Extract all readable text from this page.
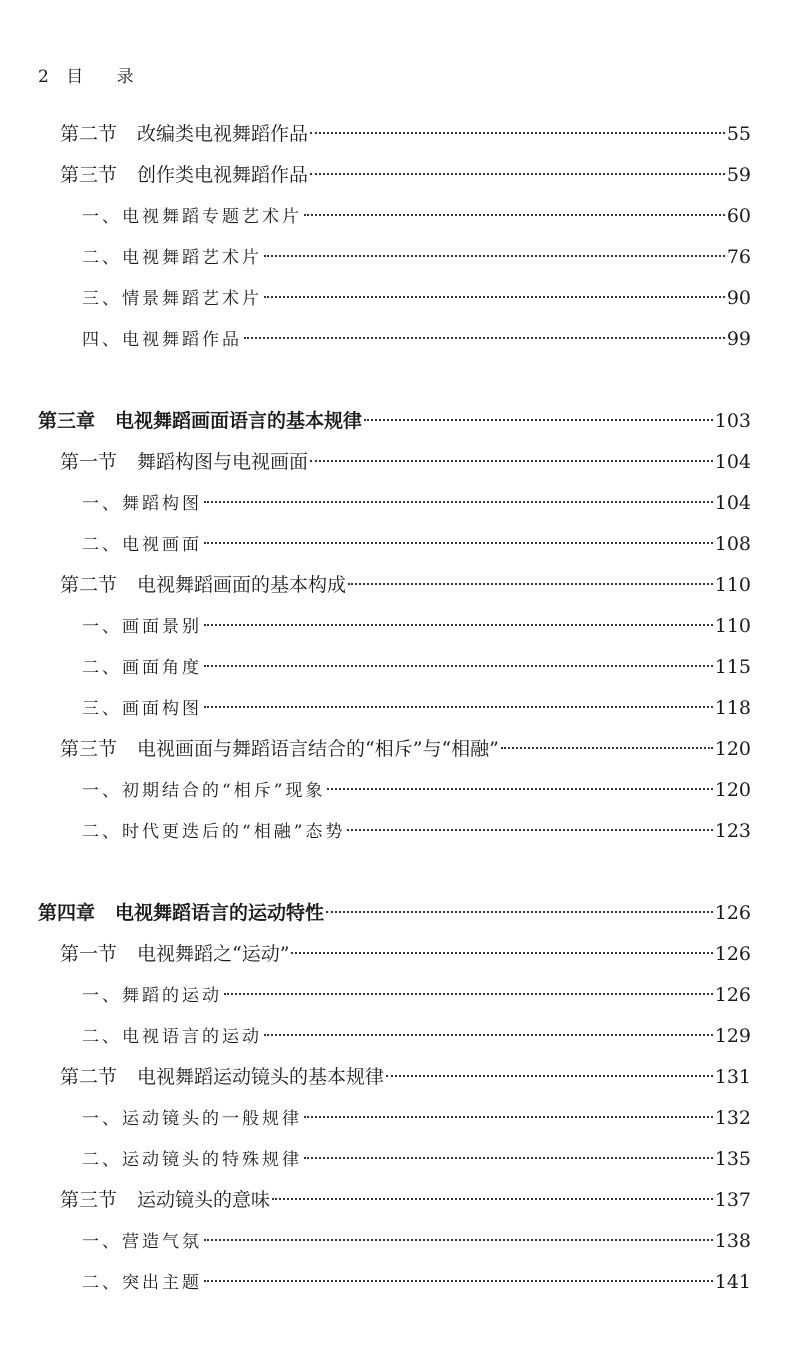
2 目 录
第二节 改编类电视舞蹈作品	55
第三节 创作类电视舞蹈作品	59
一、电视舞蹈专题艺术片	60
二、电视舞蹈艺术片	76
三、情景舞蹈艺术片	90
四、电视舞蹈作品	99
第三章 电视舞蹈画面语言的基本规律	103
第一节 舞蹈构图与电视画面	104
一、舞蹈构图	104
二、电视画面	108
第二节 电视舞蹈画面的基本构成	110
一、画面景别	110
二、画面角度	115
三、画面构图	118
第三节 电视画面与舞蹈语言结合的“相斥”与“相融”	120
一、初期结合的“相斥”现象	120
二、时代更迭后的“相融”态势	123
第四章 电视舞蹈语言的运动特性	126
第一节 电视舞蹈之“运动”	126
一、舞蹈的运动	126
二、电视语言的运动	129
第二节 电视舞蹈运动镜头的基本规律	131
一、运动镜头的一般规律	132
二、运动镜头的特殊规律	135
第三节 运动镜头的意味	137
一、营造气氛	138
二、突出主题	141
